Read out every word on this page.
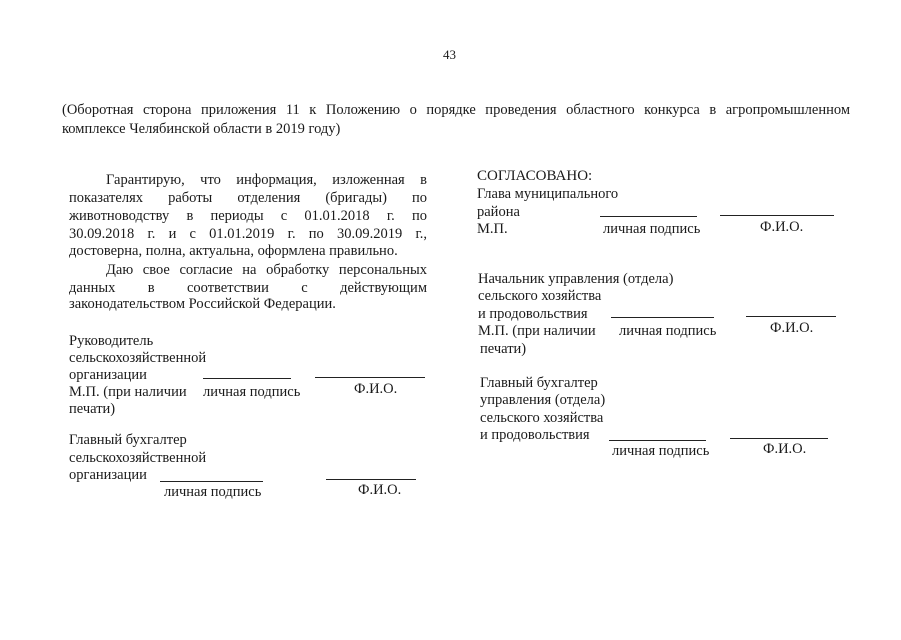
43
(Оборотная сторона приложения 11 к Положению о порядке проведения областного конкурса в агропромышленном
комплексе Челябинской области в 2019 году)
Гарантирую, что информация, изложенная в
показателях работы отделения (бригады) по
животноводству в периоды с 01.01.2018 г. по
30.09.2018 г. и с 01.01.2019 г. по 30.09.2019 г.,
достоверна, полна, актуальна, оформлена правильно.
Даю свое согласие на обработку персональных
данных в соответствии с действующим
законодательством Российской Федерации.
Руководитель
сельскохозяйственной
организации
М.П. (при наличии личная подпись	Ф.И.О.
печати)
Главный бухгалтер
сельскохозяйственной
организации
личная подпись	Ф.И.О.
СОГЛАСОВАНО:
Глава муниципального
района
М.П.	личная подпись	Ф.И.О.
Начальник управления (отдела)
сельского хозяйства
и продовольствия
М.П. (при наличии личная подпись	Ф.И.О.
печати)
Главный бухгалтер
управления (отдела)
сельского хозяйства
и продовольствия
личная подпись	Ф.И.О.
